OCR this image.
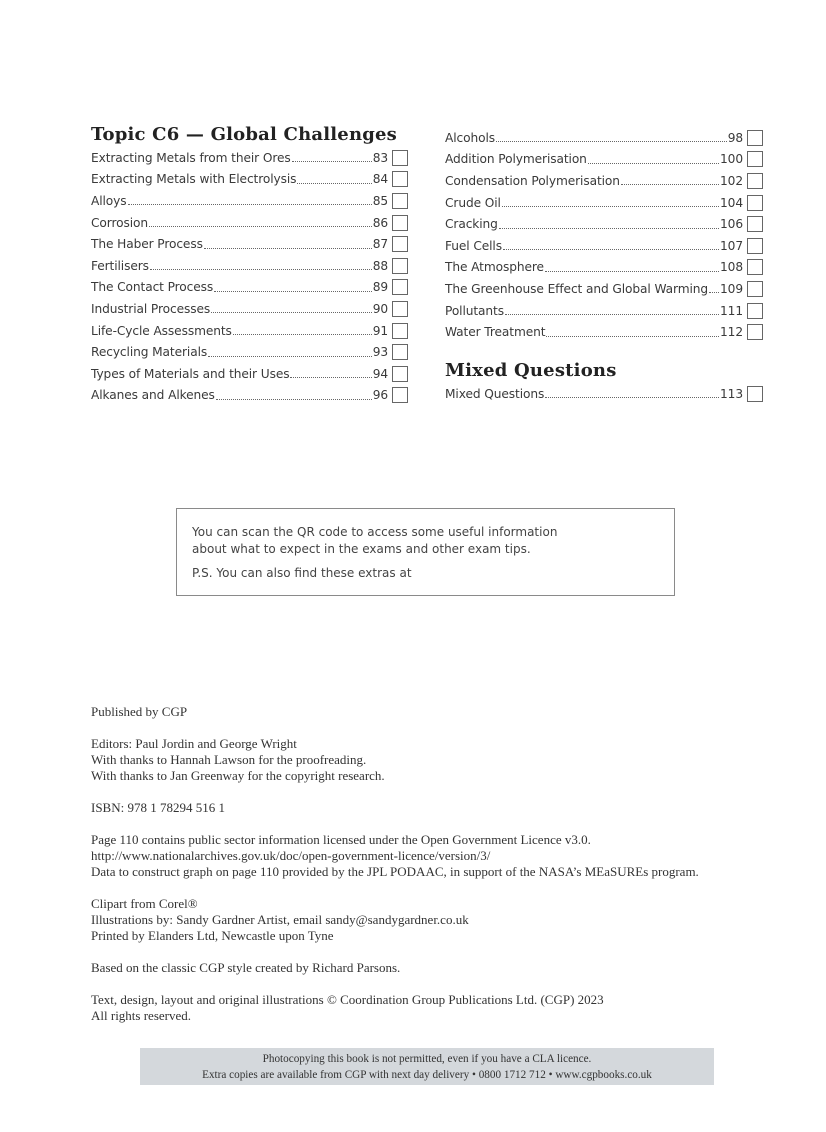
Topic C6 — Global Challenges
Extracting Metals from their Ores	83
Extracting Metals with Electrolysis	84
Alloys	85
Corrosion	86
The Haber Process	87
Fertilisers	88
The Contact Process	89
Industrial Processes	90
Life-Cycle Assessments	91
Recycling Materials	93
Types of Materials and their Uses	94
Alkanes and Alkenes	96
Alcohols	98
Addition Polymerisation	100
Condensation Polymerisation	102
Crude Oil	104
Cracking	106
Fuel Cells	107
The Atmosphere	108
The Greenhouse Effect and Global Warming 109
Pollutants	111
Water Treatment	112
Mixed Questions
Mixed Questions	113

You can scan the QR code to access some useful information

about what to expect in the exams and other exam tips.

P.S. You can also find these extras at

Published by CGP
Editors: Paul Jordin and George Wright
With thanks to Hannah Lawson for the proofreading.
With thanks to Jan Greenway for the copyright research.
ISBN: 978 1 78294 516 1
Page 110 contains public sector information licensed under the Open Government Licence v3.0.
http://www.nationalarchives.gov.uk/doc/open-government-licence/version/3/
Data to construct graph on page 110 provided by the JPL PODAAC, in support of the NASA’s MEaSUREs program.
Clipart from Corel®
Illustrations by: Sandy Gardner Artist, email sandy@sandygardner.co.uk
Printed by Elanders Ltd, Newcastle upon Tyne
Based on the classic CGP style created by Richard Parsons.
Text, design, layout and original illustrations © Coordination Group Publications Ltd. (CGP) 2023
All rights reserved.
Photocopying this book is not permitted, even if you have a CLA licence.
Extra copies are available from CGP with next day delivery • 0800 1712 712 • www.cgpbooks.co.uk
